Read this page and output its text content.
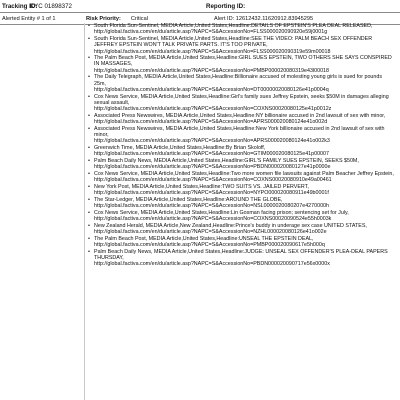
Tracking ID:
KYC 01898372	Reporting ID:
Alerted Entity # 1 of 1	Risk Priority: Critical	Alert ID: 12612432.11620912.83945295
• South Florida Sun-Sentinel, MEDIA Article,United States,Headline:DETAILS OF EPSTEIN'S PLEA DEAL RELEASED,
http://global.factiva.com/en/du/article.asp?NAPC=S&AccessionNo=FLSS000020090920e59j0001g
• South Florida Sun-Sentinel, MEDIA Article,United States,Headline:SEE THE VIDEO: PALM BEACH SEX OFFENDER JEFFREY EPSTEIN WON'T TALK PRIVATE PARTS. IT'S TOO PRIVATE,
http://global.factiva.com/en/du/article.asp?NAPC=S&AccessionNo=FLSS000020090319e59m00018
• The Palm Beach Post, MEDIA Article,United States,Headline:GIRL SUES EPSTEIN, TWO OTHERS SHE SAYS CONSPIRED IN MASSAGES,
http://global.factiva.com/en/du/article.asp?NAPC=S&AccessionNo=PMBP000020080319e43l00018
• The Daily Telegraph, MEDIA Article,United States,Headline:Billionaire accused of molesting young girls is sued for pounds 25m,
http://global.factiva.com/en/du/article.asp?NAPC=S&AccessionNo=DT00000020080126e41p0004q
• Cox News Service, MEDIA Article,United States,Headline:Girl's family sues Jeffrey Epstein, seeks $50M in damages alleging sexual assault,
http://global.factiva.com/en/du/article.asp?NAPC=S&AccessionNo=COXNS00020080125e41p0012z
• Associated Press Newswires, MEDIA Article,United States,Headline:NY billionaire accused in 2nd lawsuit of sex with minor,
http://global.factiva.com/en/du/article.asp?NAPC=S&AccessionNo=APRS000020080124e41o002d
• Associated Press Newswires, MEDIA Article,United States,Headline:New York billionaire accused in 2nd lawsuit of sex with minor,
http://global.factiva.com/en/du/article.asp?NAPC=S&AccessionNo=APRS000020080124e41o002k3
• Greenwich Time, MEDIA Article,United States,Headline:By Brian Skoloff,
http://global.factiva.com/en/du/article.asp?NAPC=S&AccessionNo=GTIM000020080125e41p00007
• Palm Beach Daily News, MEDIA Article,United States,Headline:GIRL'S FAMILY SUES EPSTEIN, SEEKS $50M,
http://global.factiva.com/en/du/article.asp?NAPC=S&AccessionNo=PBDN000020080127e41p0000e
• Cox News Service, MEDIA Article,United States,Headline:Two more women file lawsuits against Palm Beacher Jeffrey Epstein,
http://global.factiva.com/en/du/article.asp?NAPC=S&AccessionNo=COXNS00020080910e49a00461
• New York Post, MEDIA Article,United States,Headline:TWO SUITS VS. JAILED PERVERT,
http://global.factiva.com/en/du/article.asp?NAPC=S&AccessionNo=NYPO000020080911e49b0001f
• The Star-Ledger, MEDIA Article,United States,Headline:AROUND THE GLOBE,
http://global.factiva.com/en/du/article.asp?NAPC=S&AccessionNo=NSL0000020080207e4270000h
• Cox News Service, MEDIA Article,United States,Headline:Lin Gosman facing prison; sentencing set for July,
http://global.factiva.com/en/du/article.asp?NAPC=S&AccessionNo=COXNS00020090524e55h0003k
• New Zealand Herald, MEDIA Article,New Zealand,Headline:Prince's buddy in underage sex case UNITED STATES,
http://global.factiva.com/en/du/article.asp?NAPC=S&AccessionNo=NZHL000020080126e41o002e
• The Palm Beach Post, MEDIA Article,United States,Headline:UNSEAL THE EPSTEIN DEAL,
http://global.factiva.com/en/du/article.asp?NAPC=S&AccessionNo=PMBP000020090617e5h000q
• Palm Beach Daily News, MEDIA Article,United States,Headline:JUDGE: UNSEAL SEX OFFENDER'S PLEA-DEAL PAPERS THURSDAY,
http://global.factiva.com/en/du/article.asp?NAPC=S&AccessionNo=PBDN000020090717e56x0000x
